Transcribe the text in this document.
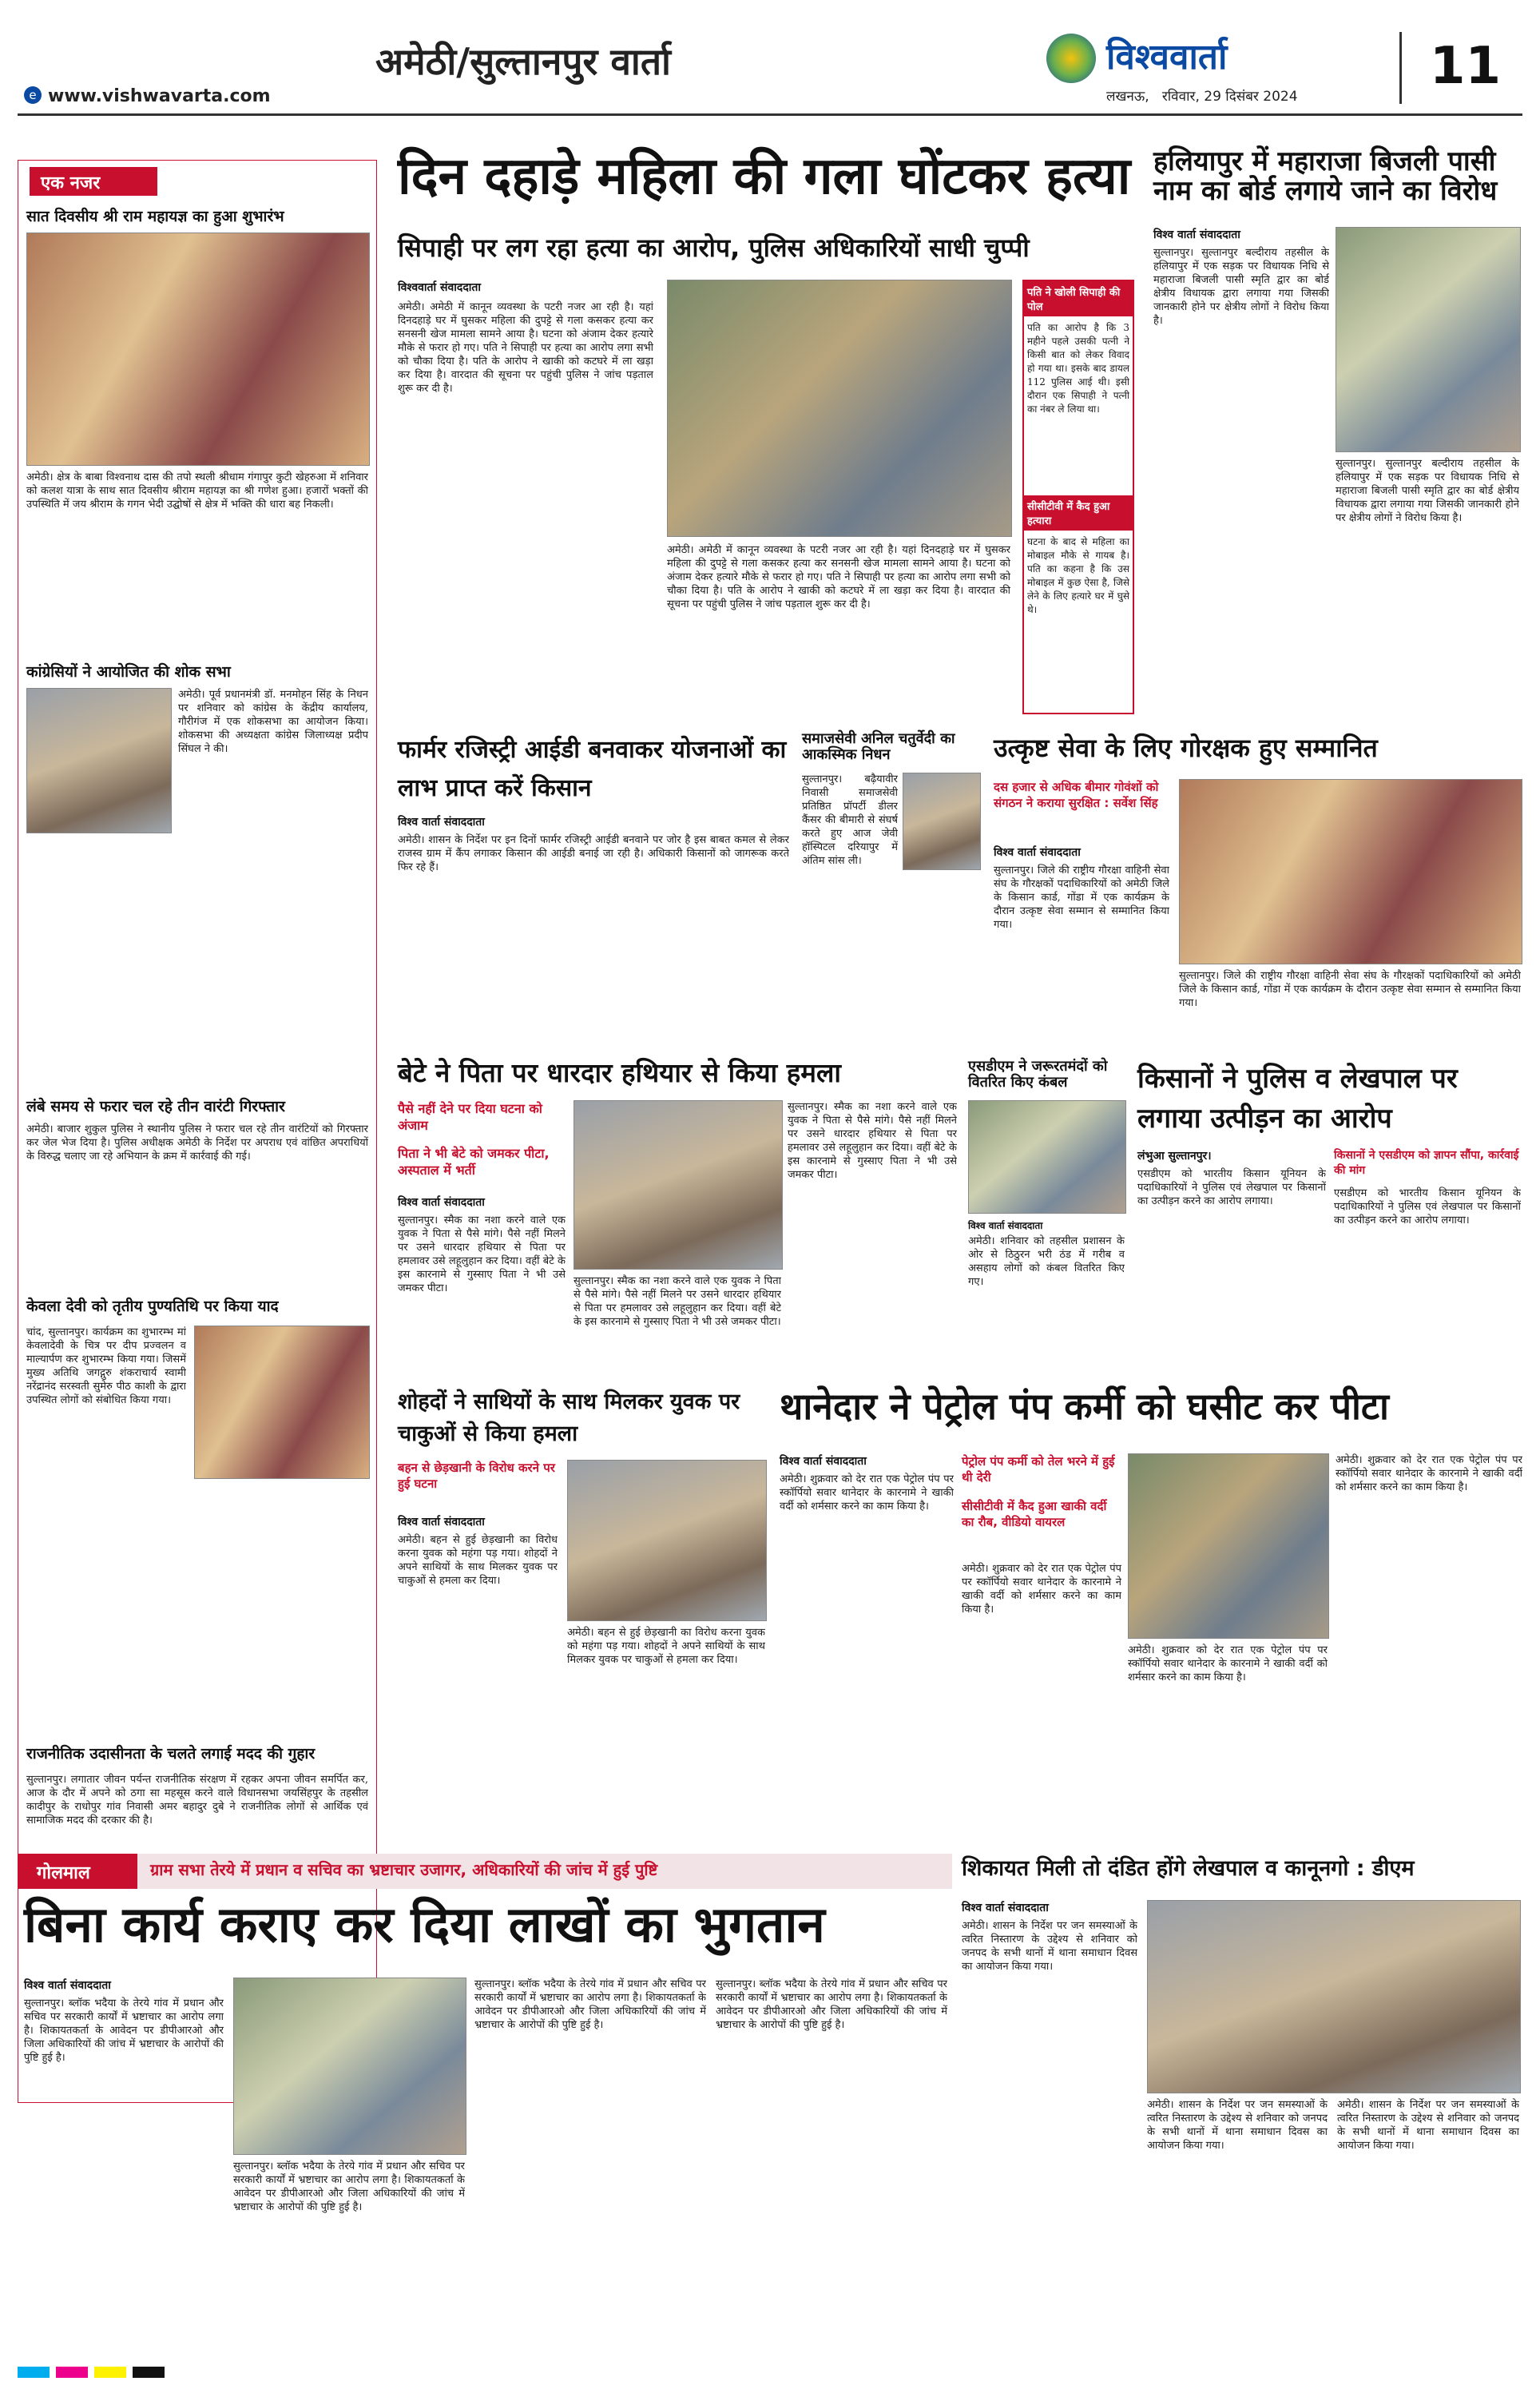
e www.vishwavarta.com
अमेठी/सुल्तानपुर वार्ता	विश्ववार्ता
लखनऊ,   रविवार, 29 दिसंबर 2024
11
एक नजर
सात दिवसीय श्री राम महायज्ञ का हुआ शुभारंभ
अमेठी। क्षेत्र के बाबा विश्वनाथ दास की तपो स्थली श्रीधाम गंगापुर कुटी खेहरुआ में शनिवार को कलश यात्रा के साथ सात दिवसीय श्रीराम महायज्ञ का श्री गणेश हुआ। हजारों भक्तों की उपस्थिति में जय श्रीराम के गगन भेदी उद्घोषों से क्षेत्र में भक्ति की धारा बह निकली।
कांग्रेसियों ने आयोजित की शोक सभा
अमेठी। पूर्व प्रधानमंत्री डॉ. मनमोहन सिंह के निधन पर शनिवार को कांग्रेस के केंद्रीय कार्यालय, गौरीगंज में एक शोकसभा का आयोजन किया। शोकसभा की अध्यक्षता कांग्रेस जिलाध्यक्ष प्रदीप सिंघल ने की।
लंबे समय से फरार चल रहे तीन वारंटी गिरफ्तार
अमेठी। बाजार शुकुल पुलिस ने स्थानीय पुलिस ने फरार चल रहे तीन वारंटियों को गिरफ्तार कर जेल भेज दिया है। पुलिस अधीक्षक अमेठी के निर्देश पर अपराध एवं वांछित अपराधियों के विरुद्ध चलाए जा रहे अभियान के क्रम में कार्रवाई की गई।
केवला देवी को तृतीय पुण्यतिथि पर किया याद
चांद, सुल्तानपुर। कार्यक्रम का शुभारम्भ मां केवलादेवी के चित्र पर दीप प्रज्वलन व माल्यार्पण कर शुभारम्भ किया गया। जिसमें मुख्य अतिथि जगद्गुरु शंकराचार्य स्वामी नरेंद्रानंद सरस्वती सुमेरु पीठ काशी के द्वारा उपस्थित लोगों को संबोधित किया गया।
राजनीतिक उदासीनता के चलते लगाई मदद की गुहार
सुल्तानपुर। लगातार जीवन पर्यन्त राजनीतिक संरक्षण में रहकर अपना जीवन समर्पित कर, आज के दौर में अपने को ठगा सा महसूस करने वाले विधानसभा जयसिंहपुर के तहसील कादीपुर के राधोपुर गांव निवासी अमर बहादुर दुबे ने राजनीतिक लोगों से आर्थिक एवं सामाजिक मदद की दरकार की है।
दिन दहाड़े महिला की गला घोंटकर हत्या
सिपाही पर लग रहा हत्या का आरोप, पुलिस अधिकारियों साधी चुप्पी
विश्ववार्ता संवाददाता
अमेठी। अमेठी में कानून व्यवस्था के पटरी नजर आ रही है। यहां दिनदहाड़े घर में घुसकर महिला की दुपट्टे से गला कसकर हत्या कर सनसनी खेज मामला सामने आया है। घटना को अंजाम देकर हत्यारे मौके से फरार हो गए। पति ने सिपाही पर हत्या का आरोप लगा सभी को चौका दिया है। पति के आरोप ने खाकी को कटघरे में ला खड़ा कर दिया है। वारदात की सूचना पर पहुंची पुलिस ने जांच पड़ताल शुरू कर दी है।
अमेठी। अमेठी में कानून व्यवस्था के पटरी नजर आ रही है। यहां दिनदहाड़े घर में घुसकर महिला की दुपट्टे से गला कसकर हत्या कर सनसनी खेज मामला सामने आया है। घटना को अंजाम देकर हत्यारे मौके से फरार हो गए। पति ने सिपाही पर हत्या का आरोप लगा सभी को चौका दिया है। पति के आरोप ने खाकी को कटघरे में ला खड़ा कर दिया है। वारदात की सूचना पर पहुंची पुलिस ने जांच पड़ताल शुरू कर दी है।
पति ने खोली सिपाही की पोल
पति का आरोप है कि 3 महीने पहले उसकी पत्नी ने किसी बात को लेकर विवाद हो गया था। इसके बाद डायल 112 पुलिस आई थी। इसी दौरान एक सिपाही ने पत्नी का नंबर ले लिया था।
सीसीटीवी में कैद हुआ हत्यारा
घटना के बाद से महिला का मोबाइल मौके से गायब है। पति का कहना है कि उस मोबाइल में कुछ ऐसा है, जिसे लेने के लिए हत्यारे घर में घुसे थे।
हलियापुर में महाराजा बिजली पासी नाम का बोर्ड लगाये जाने का विरोध
विश्व वार्ता संवाददाता
सुल्तानपुर। सुल्तानपुर बल्दीराय तहसील के हलियापुर में एक सड़क पर विधायक निधि से महाराजा बिजली पासी स्मृति द्वार का बोर्ड क्षेत्रीय विधायक द्वारा लगाया गया जिसकी जानकारी होने पर क्षेत्रीय लोगों ने विरोध किया है।
सुल्तानपुर। सुल्तानपुर बल्दीराय तहसील के हलियापुर में एक सड़क पर विधायक निधि से महाराजा बिजली पासी स्मृति द्वार का बोर्ड क्षेत्रीय विधायक द्वारा लगाया गया जिसकी जानकारी होने पर क्षेत्रीय लोगों ने विरोध किया है।
फार्मर रजिस्ट्री आईडी बनवाकर योजनाओं का लाभ प्राप्त करें किसान
विश्व वार्ता संवाददाता
अमेठी। शासन के निर्देश पर इन दिनों फार्मर रजिस्ट्री आईडी बनवाने पर जोर है इस बाबत कमल से लेकर राजस्व ग्राम में कैंप लगाकर किसान की आईडी बनाई जा रही है। अधिकारी किसानों को जागरूक करते फिर रहे हैं।
समाजसेवी अनिल चतुर्वेदी का आकस्मिक निधन
सुल्तानपुर। बढ़ैयावीर निवासी समाजसेवी प्रतिष्ठित प्रॉपर्टी डीलर कैंसर की बीमारी से संघर्ष करते हुए आज जेवी हॉस्पिटल दरियापुर में अंतिम सांस ली।
उत्कृष्ट सेवा के लिए गोरक्षक हुए सम्मानित
दस हजार से अधिक बीमार गोवंशों को संगठन ने कराया सुरक्षित : सर्वेश सिंह
विश्व वार्ता संवाददाता
सुल्तानपुर। जिले की राष्ट्रीय गौरक्षा वाहिनी सेवा संघ के गौरक्षकों पदाधिकारियों को अमेठी जिले के किसान कार्ड, गोंडा में एक कार्यक्रम के दौरान उत्कृष्ट सेवा सम्मान से सम्मानित किया गया।
सुल्तानपुर। जिले की राष्ट्रीय गौरक्षा वाहिनी सेवा संघ के गौरक्षकों पदाधिकारियों को अमेठी जिले के किसान कार्ड, गोंडा में एक कार्यक्रम के दौरान उत्कृष्ट सेवा सम्मान से सम्मानित किया गया।
बेटे ने पिता पर धारदार हथियार से किया हमला
पैसे नहीं देने पर दिया घटना को अंजाम
पिता ने भी बेटे को जमकर पीटा, अस्पताल में भर्ती
विश्व वार्ता संवाददाता
सुल्तानपुर। स्मैक का नशा करने वाले एक युवक ने पिता से पैसे मांगे। पैसे नहीं मिलने पर उसने धारदार हथियार से पिता पर हमलावर उसे लहूलुहान कर दिया। वहीं बेटे के इस कारनामे से गुस्साए पिता ने भी उसे जमकर पीटा।
सुल्तानपुर। स्मैक का नशा करने वाले एक युवक ने पिता से पैसे मांगे। पैसे नहीं मिलने पर उसने धारदार हथियार से पिता पर हमलावर उसे लहूलुहान कर दिया। वहीं बेटे के इस कारनामे से गुस्साए पिता ने भी उसे जमकर पीटा।
सुल्तानपुर। स्मैक का नशा करने वाले एक युवक ने पिता से पैसे मांगे। पैसे नहीं मिलने पर उसने धारदार हथियार से पिता पर हमलावर उसे लहूलुहान कर दिया। वहीं बेटे के इस कारनामे से गुस्साए पिता ने भी उसे जमकर पीटा।
एसडीएम ने जरूरतमंदों को वितरित किए कंबल
विश्व वार्ता संवाददाता
अमेठी। शनिवार को तहसील प्रशासन के ओर से ठिठुरन भरी ठंड में गरीब व असहाय लोगों को कंबल वितरित किए गए।
किसानों ने पुलिस व लेखपाल पर लगाया उत्पीड़न का आरोप
लंभुआ सुल्तानपुर।	किसानों ने एसडीएम को ज्ञापन सौंपा, कार्रवाई की मांग
एसडीएम को भारतीय किसान यूनियन के पदाधिकारियों ने पुलिस एवं लेखपाल पर किसानों का उत्पीड़न करने का आरोप लगाया।
एसडीएम को भारतीय किसान यूनियन के पदाधिकारियों ने पुलिस एवं लेखपाल पर किसानों का उत्पीड़न करने का आरोप लगाया।
शोहदों ने साथियों के साथ मिलकर युवक पर चाकुओं से किया हमला
बहन से छेड़खानी के विरोध करने पर हुई घटना
विश्व वार्ता संवाददाता
अमेठी। बहन से हुई छेड़खानी का विरोध करना युवक को महंगा पड़ गया। शोहदों ने अपने साथियों के साथ मिलकर युवक पर चाकुओं से हमला कर दिया।
अमेठी। बहन से हुई छेड़खानी का विरोध करना युवक को महंगा पड़ गया। शोहदों ने अपने साथियों के साथ मिलकर युवक पर चाकुओं से हमला कर दिया।
थानेदार ने पेट्रोल पंप कर्मी को घसीट कर पीटा
विश्व वार्ता संवाददाता
अमेठी। शुक्रवार को देर रात एक पेट्रोल पंप पर स्कॉर्पियो सवार थानेदार के कारनामे ने खाकी वर्दी को शर्मसार करने का काम किया है।
पेट्रोल पंप कर्मी को तेल भरने में हुई थी देरी
सीसीटीवी में कैद हुआ खाकी वर्दी का रौब, वीडियो वायरल
अमेठी। शुक्रवार को देर रात एक पेट्रोल पंप पर स्कॉर्पियो सवार थानेदार के कारनामे ने खाकी वर्दी को शर्मसार करने का काम किया है।
अमेठी। शुक्रवार को देर रात एक पेट्रोल पंप पर स्कॉर्पियो सवार थानेदार के कारनामे ने खाकी वर्दी को शर्मसार करने का काम किया है।
अमेठी। शुक्रवार को देर रात एक पेट्रोल पंप पर स्कॉर्पियो सवार थानेदार के कारनामे ने खाकी वर्दी को शर्मसार करने का काम किया है।
गोलमाल	ग्राम सभा तेरये में प्रधान व सचिव का भ्रष्टाचार उजागर, अधिकारियों की जांच में हुई पुष्टि
बिना कार्य कराए कर दिया लाखों का भुगतान
विश्व वार्ता संवाददाता
सुल्तानपुर। ब्लॉक भदैया के तेरये गांव में प्रधान और सचिव पर सरकारी कार्यों में भ्रष्टाचार का आरोप लगा है। शिकायतकर्ता के आवेदन पर डीपीआरओ और जिला अधिकारियों की जांच में भ्रष्टाचार के आरोपों की पुष्टि हुई है।
सुल्तानपुर। ब्लॉक भदैया के तेरये गांव में प्रधान और सचिव पर सरकारी कार्यों में भ्रष्टाचार का आरोप लगा है। शिकायतकर्ता के आवेदन पर डीपीआरओ और जिला अधिकारियों की जांच में भ्रष्टाचार के आरोपों की पुष्टि हुई है।
सुल्तानपुर। ब्लॉक भदैया के तेरये गांव में प्रधान और सचिव पर सरकारी कार्यों में भ्रष्टाचार का आरोप लगा है। शिकायतकर्ता के आवेदन पर डीपीआरओ और जिला अधिकारियों की जांच में भ्रष्टाचार के आरोपों की पुष्टि हुई है।
सुल्तानपुर। ब्लॉक भदैया के तेरये गांव में प्रधान और सचिव पर सरकारी कार्यों में भ्रष्टाचार का आरोप लगा है। शिकायतकर्ता के आवेदन पर डीपीआरओ और जिला अधिकारियों की जांच में भ्रष्टाचार के आरोपों की पुष्टि हुई है।
शिकायत मिली तो दंडित होंगे लेखपाल व कानूनगो : डीएम
विश्व वार्ता संवाददाता
अमेठी। शासन के निर्देश पर जन समस्याओं के त्वरित निस्तारण के उद्देश्य से शनिवार को जनपद के सभी थानों में थाना समाधान दिवस का आयोजन किया गया।
अमेठी। शासन के निर्देश पर जन समस्याओं के त्वरित निस्तारण के उद्देश्य से शनिवार को जनपद के सभी थानों में थाना समाधान दिवस का आयोजन किया गया।
अमेठी। शासन के निर्देश पर जन समस्याओं के त्वरित निस्तारण के उद्देश्य से शनिवार को जनपद के सभी थानों में थाना समाधान दिवस का आयोजन किया गया।
